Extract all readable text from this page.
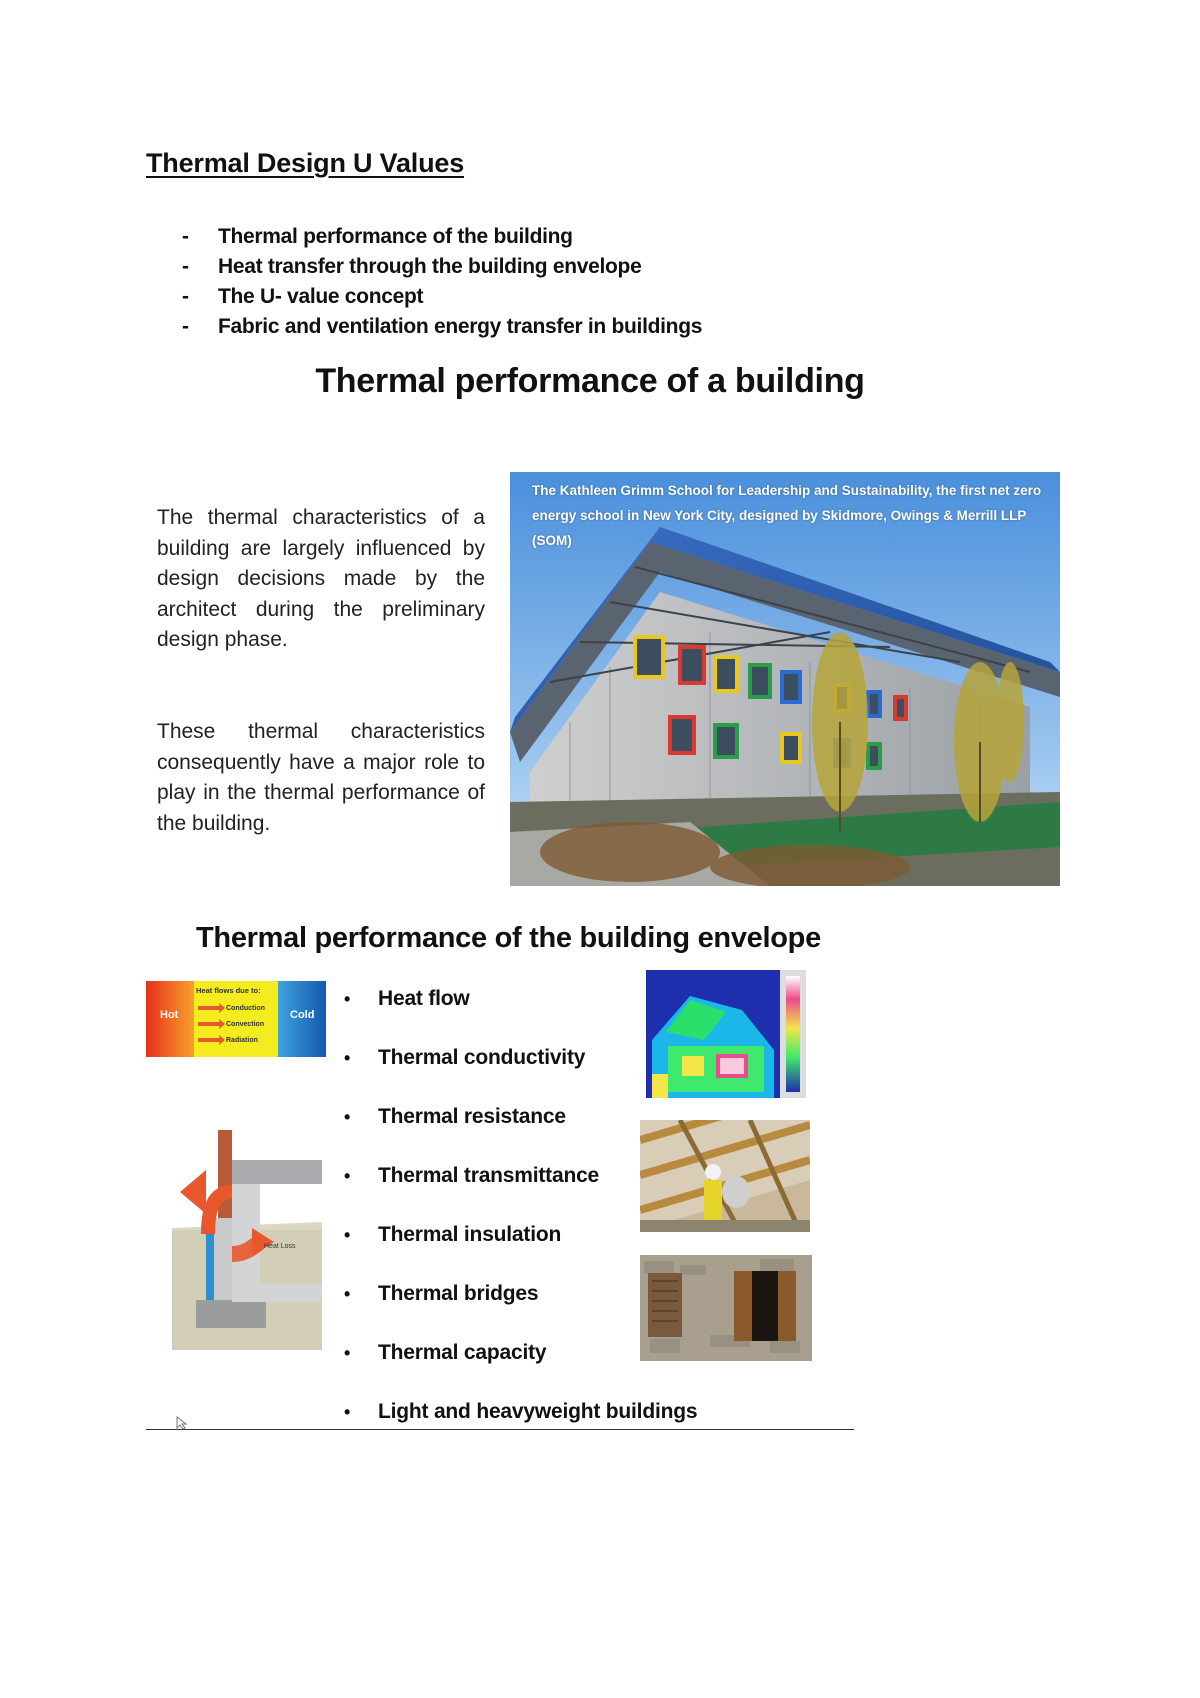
Thermal Design U Values
- Thermal performance of the building
- Heat transfer through the building envelope
- The U- value concept
- Fabric and ventilation energy transfer in buildings
Thermal performance of a building
The thermal characteristics of a building are largely influenced by design decisions made by the architect during the preliminary design phase.
These thermal characteristics consequently have a major role to play in the thermal performance of the building.
The Kathleen Grimm School for Leadership and Sustainability, the first net zero energy school in New York City, designed by Skidmore, Owings & Merrill LLP (SOM)
Thermal performance of the building envelope
Hot
Heat flows due to:
Conduction
Convection
Radiation
Cold
• Heat flow
• Thermal conductivity
• Thermal resistance
• Thermal transmittance
• Thermal insulation
• Thermal bridges
• Thermal capacity
• Light and heavyweight buildings
Heat Loss
